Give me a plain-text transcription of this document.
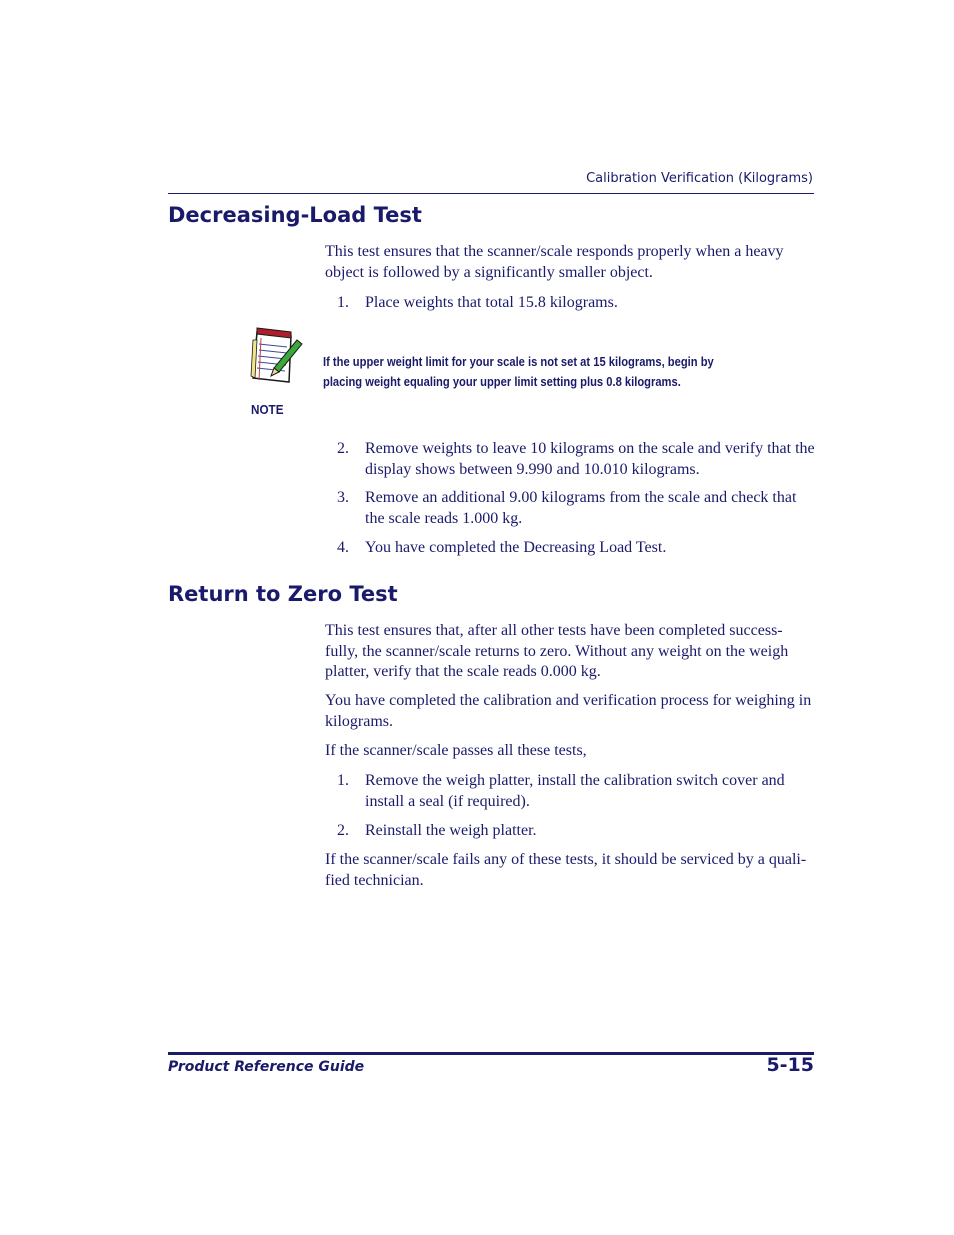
Calibration Verification (Kilograms)
Decreasing-Load Test
This test ensures that the scanner/scale responds properly when a heavy object is followed by a significantly smaller object.
1.	Place weights that total 15.8 kilograms.
If the upper weight limit for your scale is not set at 15 kilograms, begin by
placing weight equaling your upper limit setting plus 0.8 kilograms.
NOTE
2.	Remove weights to leave 10 kilograms on the scale and verify that the display shows between 9.990 and 10.010 kilograms.
3.	Remove an additional 9.00 kilograms from the scale and check that the scale reads 1.000 kg.
4.	You have completed the Decreasing Load Test.
Return to Zero Test
This test ensures that, after all other tests have been completed success-fully, the scanner/scale returns to zero. Without any weight on the weigh platter, verify that the scale reads 0.000 kg.
You have completed the calibration and verification process for weighing in kilograms.
If the scanner/scale passes all these tests,
1.	Remove the weigh platter, install the calibration switch cover and install a seal (if required).
2.	Reinstall the weigh platter.
If the scanner/scale fails any of these tests, it should be serviced by a quali-fied technician.
Product Reference Guide	5-15
